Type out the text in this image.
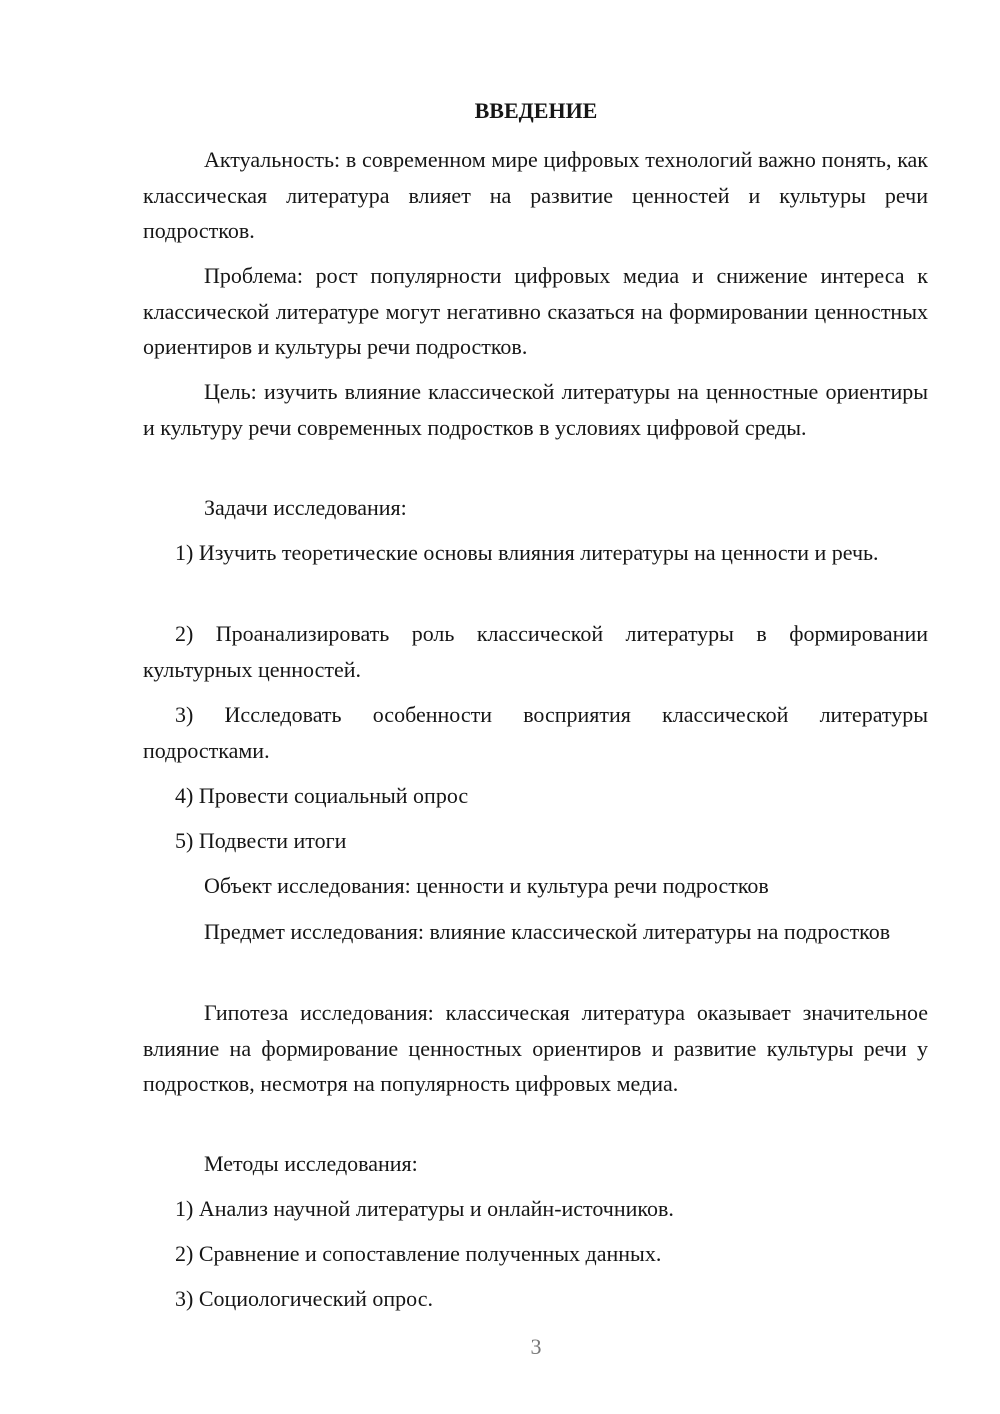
ВВЕДЕНИЕ

Актуальность: в современном мире цифровых технологий важно понять, как классическая литература влияет на развитие ценностей и культуры речи подростков.

Проблема: рост популярности цифровых медиа и снижение интереса к классической литературе могут негативно сказаться на формировании ценностных ориентиров и культуры речи подростков.

Цель: изучить влияние классической литературы на ценностные ориентиры и культуру речи современных подростков в условиях цифровой среды.

Задачи исследования:

1) Изучить теоретические основы влияния литературы на ценности и речь.

2) Проанализировать роль классической литературы в формировании культурных ценностей.

3) Исследовать особенности восприятия классической литературы подростками.

4) Провести социальный опрос

5) Подвести итоги

Объект исследования: ценности и культура речи подростков

Предмет исследования: влияние классической литературы на подростков

Гипотеза исследования: классическая литература оказывает значительное влияние на формирование ценностных ориентиров и развитие культуры речи у подростков, несмотря на популярность цифровых медиа.

Методы исследования:

1) Анализ научной литературы и онлайн-источников.

2) Сравнение и сопоставление полученных данных.

3) Социологический опрос.

3
